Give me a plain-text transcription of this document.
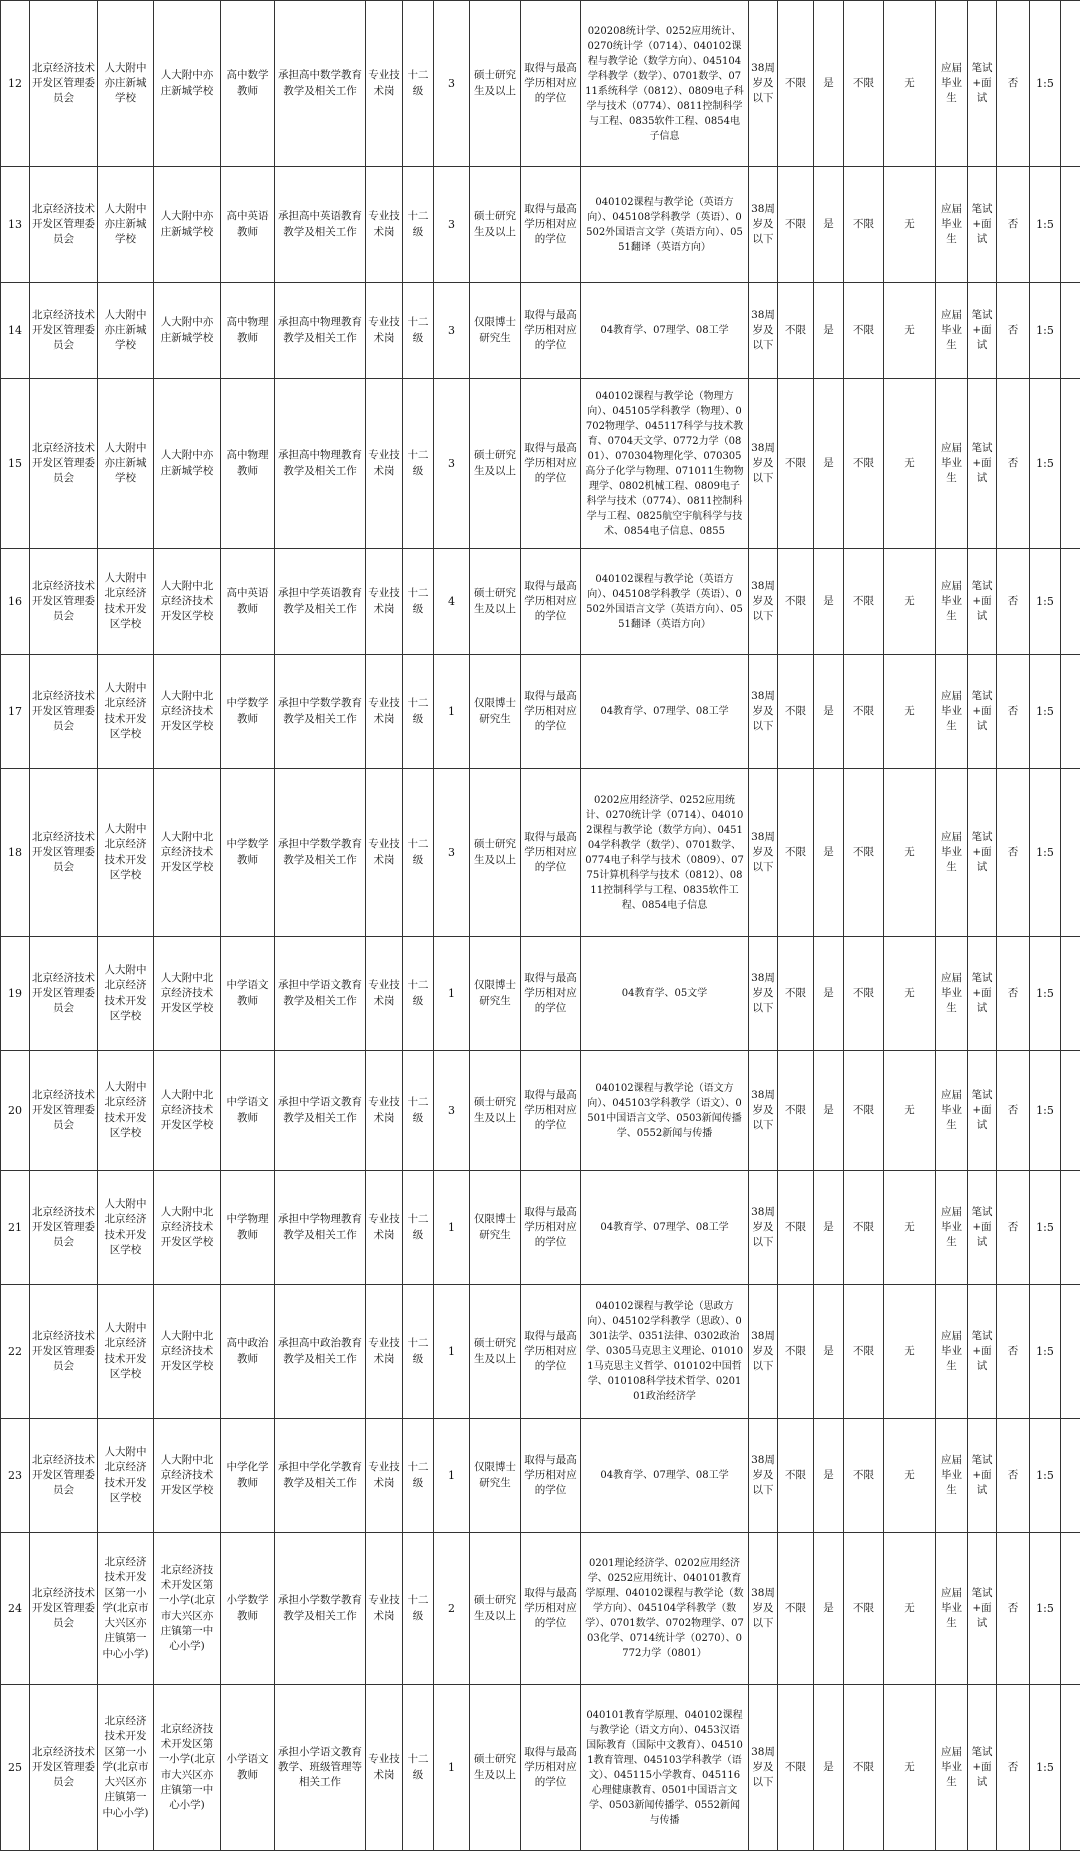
12	北京经济技术开发区管理委员会	人大附中亦庄新城学校	人大附中亦庄新城学校	高中数学教师	承担高中数学教育教学及相关工作	专业技术岗	十二级	3	硕士研究生及以上	取得与最高学历相对应的学位	020208统计学、0252应用统计、0270统计学（0714）、040102课程与教学论（数学方向）、045104学科教学（数学）、0701数学、0711系统科学（0812）、0809电子科学与技术（0774）、0811控制科学与工程、0835软件工程、0854电子信息	38周岁及以下	不限	是	不限	无	应届毕业生	笔试+面试	否	1:5	
13	北京经济技术开发区管理委员会	人大附中亦庄新城学校	人大附中亦庄新城学校	高中英语教师	承担高中英语教育教学及相关工作	专业技术岗	十二级	3	硕士研究生及以上	取得与最高学历相对应的学位	040102课程与教学论（英语方向）、045108学科教学（英语）、0502外国语言文学（英语方向）、0551翻译（英语方向）	38周岁及以下	不限	是	不限	无	应届毕业生	笔试+面试	否	1:5	
14	北京经济技术开发区管理委员会	人大附中亦庄新城学校	人大附中亦庄新城学校	高中物理教师	承担高中物理教育教学及相关工作	专业技术岗	十二级	3	仅限博士研究生	取得与最高学历相对应的学位	04教育学、07理学、08工学	38周岁及以下	不限	是	不限	无	应届毕业生	笔试+面试	否	1:5	
15	北京经济技术开发区管理委员会	人大附中亦庄新城学校	人大附中亦庄新城学校	高中物理教师	承担高中物理教育教学及相关工作	专业技术岗	十二级	3	硕士研究生及以上	取得与最高学历相对应的学位	040102课程与教学论（物理方向）、045105学科教学（物理）、0702物理学、045117科学与技术教育、0704天文学、0772力学（0801）、070304物理化学、070305高分子化学与物理、071011生物物理学、0802机械工程、0809电子科学与技术（0774）、0811控制科学与工程、0825航空宇航科学与技术、0854电子信息、0855	38周岁及以下	不限	是	不限	无	应届毕业生	笔试+面试	否	1:5	
16	北京经济技术开发区管理委员会	人大附中北京经济技术开发区学校	人大附中北京经济技术开发区学校	高中英语教师	承担中学英语教育教学及相关工作	专业技术岗	十二级	4	硕士研究生及以上	取得与最高学历相对应的学位	040102课程与教学论（英语方向）、045108学科教学（英语）、0502外国语言文学（英语方向）、0551翻译（英语方向）	38周岁及以下	不限	是	不限	无	应届毕业生	笔试+面试	否	1:5	
17	北京经济技术开发区管理委员会	人大附中北京经济技术开发区学校	人大附中北京经济技术开发区学校	中学数学教师	承担中学数学教育教学及相关工作	专业技术岗	十二级	1	仅限博士研究生	取得与最高学历相对应的学位	04教育学、07理学、08工学	38周岁及以下	不限	是	不限	无	应届毕业生	笔试+面试	否	1:5	
18	北京经济技术开发区管理委员会	人大附中北京经济技术开发区学校	人大附中北京经济技术开发区学校	中学数学教师	承担中学数学教育教学及相关工作	专业技术岗	十二级	3	硕士研究生及以上	取得与最高学历相对应的学位	0202应用经济学、0252应用统计、0270统计学（0714）、040102课程与教学论（数学方向）、045104学科教学（数学）、0701数学、0774电子科学与技术（0809）、0775计算机科学与技术（0812）、0811控制科学与工程、0835软件工程、0854电子信息	38周岁及以下	不限	是	不限	无	应届毕业生	笔试+面试	否	1:5	
19	北京经济技术开发区管理委员会	人大附中北京经济技术开发区学校	人大附中北京经济技术开发区学校	中学语文教师	承担中学语文教育教学及相关工作	专业技术岗	十二级	1	仅限博士研究生	取得与最高学历相对应的学位	04教育学、05文学	38周岁及以下	不限	是	不限	无	应届毕业生	笔试+面试	否	1:5	
20	北京经济技术开发区管理委员会	人大附中北京经济技术开发区学校	人大附中北京经济技术开发区学校	中学语文教师	承担中学语文教育教学及相关工作	专业技术岗	十二级	3	硕士研究生及以上	取得与最高学历相对应的学位	040102课程与教学论（语文方向）、045103学科教学（语文）、0501中国语言文学、0503新闻传播学、0552新闻与传播	38周岁及以下	不限	是	不限	无	应届毕业生	笔试+面试	否	1:5	
21	北京经济技术开发区管理委员会	人大附中北京经济技术开发区学校	人大附中北京经济技术开发区学校	中学物理教师	承担中学物理教育教学及相关工作	专业技术岗	十二级	1	仅限博士研究生	取得与最高学历相对应的学位	04教育学、07理学、08工学	38周岁及以下	不限	是	不限	无	应届毕业生	笔试+面试	否	1:5	
22	北京经济技术开发区管理委员会	人大附中北京经济技术开发区学校	人大附中北京经济技术开发区学校	高中政治教师	承担高中政治教育教学及相关工作	专业技术岗	十二级	1	硕士研究生及以上	取得与最高学历相对应的学位	040102课程与教学论（思政方向）、045102学科教学（思政）、0301法学、0351法律、0302政治学、0305马克思主义理论、010101马克思主义哲学、010102中国哲学、010108科学技术哲学、020101政治经济学	38周岁及以下	不限	是	不限	无	应届毕业生	笔试+面试	否	1:5	
23	北京经济技术开发区管理委员会	人大附中北京经济技术开发区学校	人大附中北京经济技术开发区学校	中学化学教师	承担中学化学教育教学及相关工作	专业技术岗	十二级	1	仅限博士研究生	取得与最高学历相对应的学位	04教育学、07理学、08工学	38周岁及以下	不限	是	不限	无	应届毕业生	笔试+面试	否	1:5	
24	北京经济技术开发区管理委员会	北京经济技术开发区第一小学(北京市大兴区亦庄镇第一中心小学)	北京经济技术开发区第一小学(北京市大兴区亦庄镇第一中心小学)	小学数学教师	承担小学数学教育教学及相关工作	专业技术岗	十二级	2	硕士研究生及以上	取得与最高学历相对应的学位	0201理论经济学、0202应用经济学、0252应用统计、040101教育学原理、040102课程与教学论（数学方向）、045104学科教学（数学）、0701数学、0702物理学、0703化学、0714统计学（0270）、0772力学（0801）	38周岁及以下	不限	是	不限	无	应届毕业生	笔试+面试	否	1:5	
25	北京经济技术开发区管理委员会	北京经济技术开发区第一小学(北京市大兴区亦庄镇第一中心小学)	北京经济技术开发区第一小学(北京市大兴区亦庄镇第一中心小学)	小学语文教师	承担小学语文教育教学、班级管理等相关工作	专业技术岗	十二级	1	硕士研究生及以上	取得与最高学历相对应的学位	040101教育学原理、040102课程与教学论（语文方向）、0453汉语国际教育（国际中文教育）、045101教育管理、045103学科教学（语文）、045115小学教育、045116心理健康教育、0501中国语言文学、0503新闻传播学、0552新闻与传播	38周岁及以下	不限	是	不限	无	应届毕业生	笔试+面试	否	1:5	
